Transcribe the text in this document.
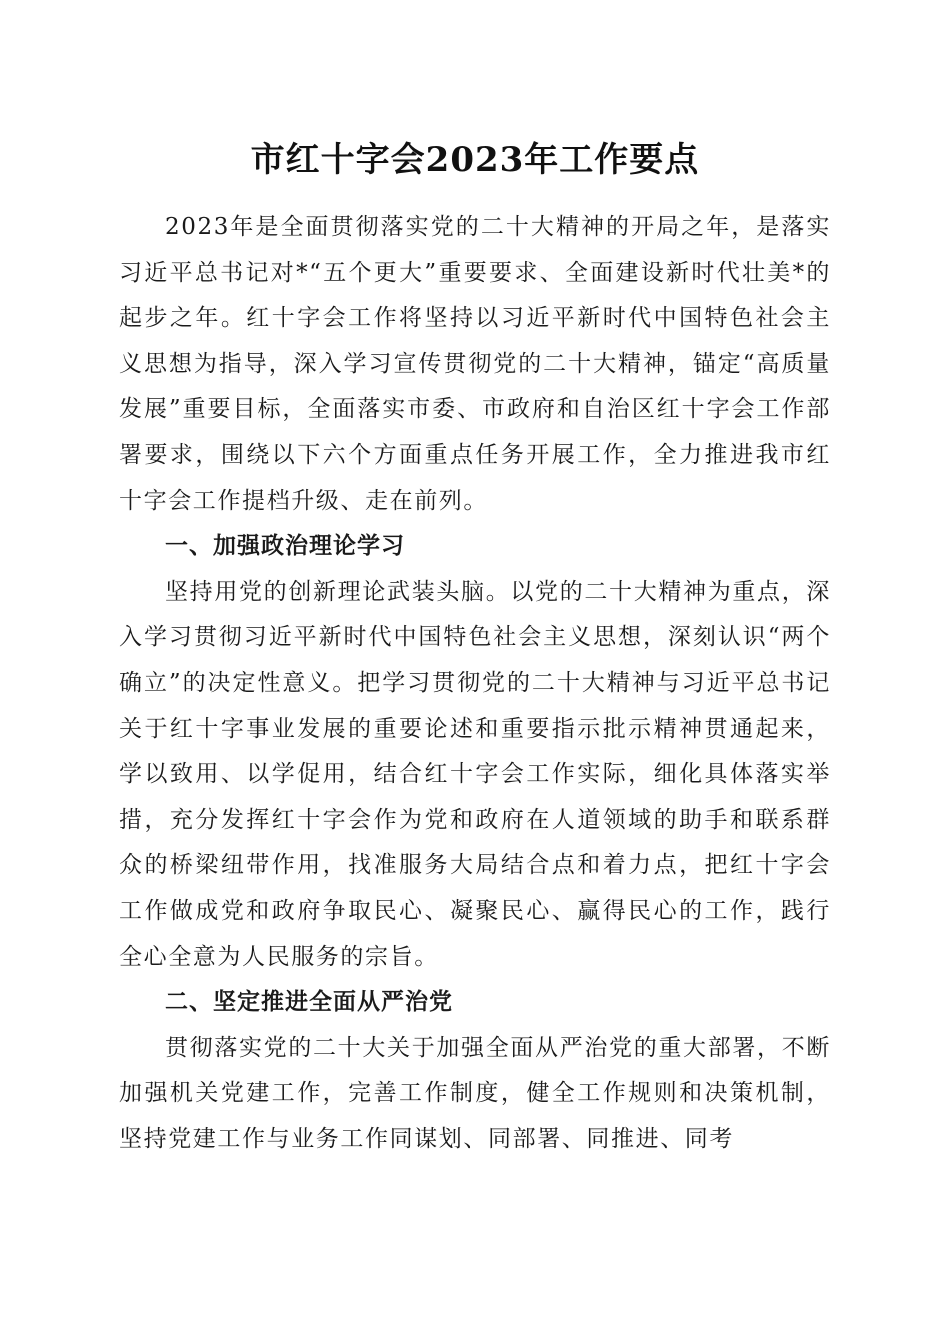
市红十字会2023年工作要点

2023年是全面贯彻落实党的二十大精神的开局之年，是落实习近平总书记对*“五个更大”重要要求、全面建设新时代壮美*的起步之年。红十字会工作将坚持以习近平新时代中国特色社会主义思想为指导，深入学习宣传贯彻党的二十大精神，锚定“高质量发展”重要目标，全面落实市委、市政府和自治区红十字会工作部署要求，围绕以下六个方面重点任务开展工作，全力推进我市红十字会工作提档升级、走在前列。

一、加强政治理论学习

坚持用党的创新理论武装头脑。以党的二十大精神为重点，深入学习贯彻习近平新时代中国特色社会主义思想，深刻认识“两个确立”的决定性意义。把学习贯彻党的二十大精神与习近平总书记关于红十字事业发展的重要论述和重要指示批示精神贯通起来，学以致用、以学促用，结合红十字会工作实际，细化具体落实举措，充分发挥红十字会作为党和政府在人道领域的助手和联系群众的桥梁纽带作用，找准服务大局结合点和着力点，把红十字会工作做成党和政府争取民心、凝聚民心、赢得民心的工作，践行全心全意为人民服务的宗旨。

二、坚定推进全面从严治党

贯彻落实党的二十大关于加强全面从严治党的重大部署，不断加强机关党建工作，完善工作制度，健全工作规则和决策机制，坚持党建工作与业务工作同谋划、同部署、同推进、同考
